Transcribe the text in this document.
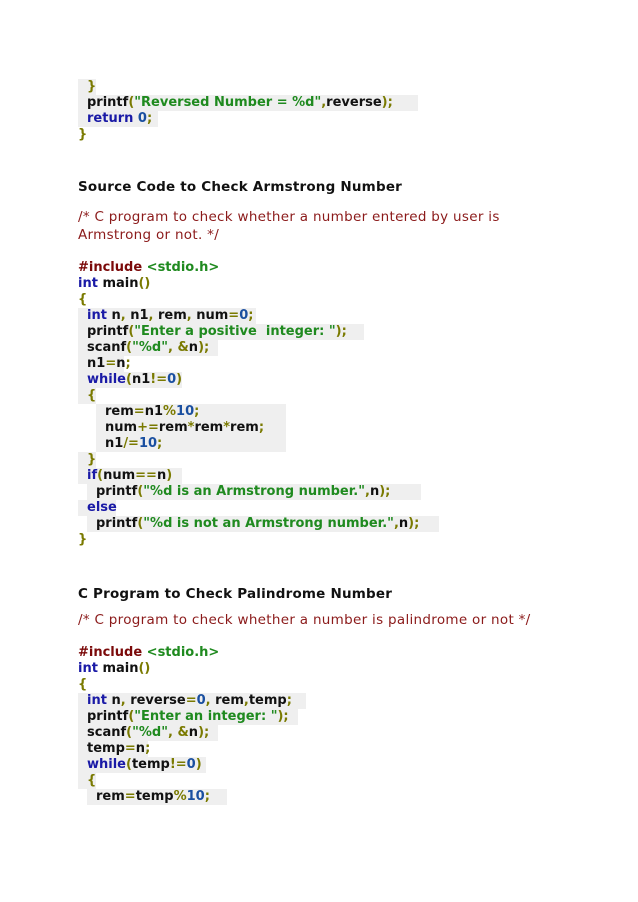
}
printf("Reversed Number = %d",reverse);
return 0;
}
Source Code to Check Armstrong Number
/* C program to check whether a number entered by user is Armstrong or not. */
#include <stdio.h>
int main()
{
int n, n1, rem, num=0;
printf("Enter a positive  integer: ");
scanf("%d", &n);
n1=n;
while(n1!=0)
{
rem=n1%10;
num+=rem*rem*rem;
n1/=10;
}
if(num==n)
printf("%d is an Armstrong number.",n);
else
printf("%d is not an Armstrong number.",n);
}
C Program to Check Palindrome Number
/* C program to check whether a number is palindrome or not */
#include <stdio.h>
int main()
{
int n, reverse=0, rem,temp;
printf("Enter an integer: ");
scanf("%d", &n);
temp=n;
while(temp!=0)
{
rem=temp%10;
